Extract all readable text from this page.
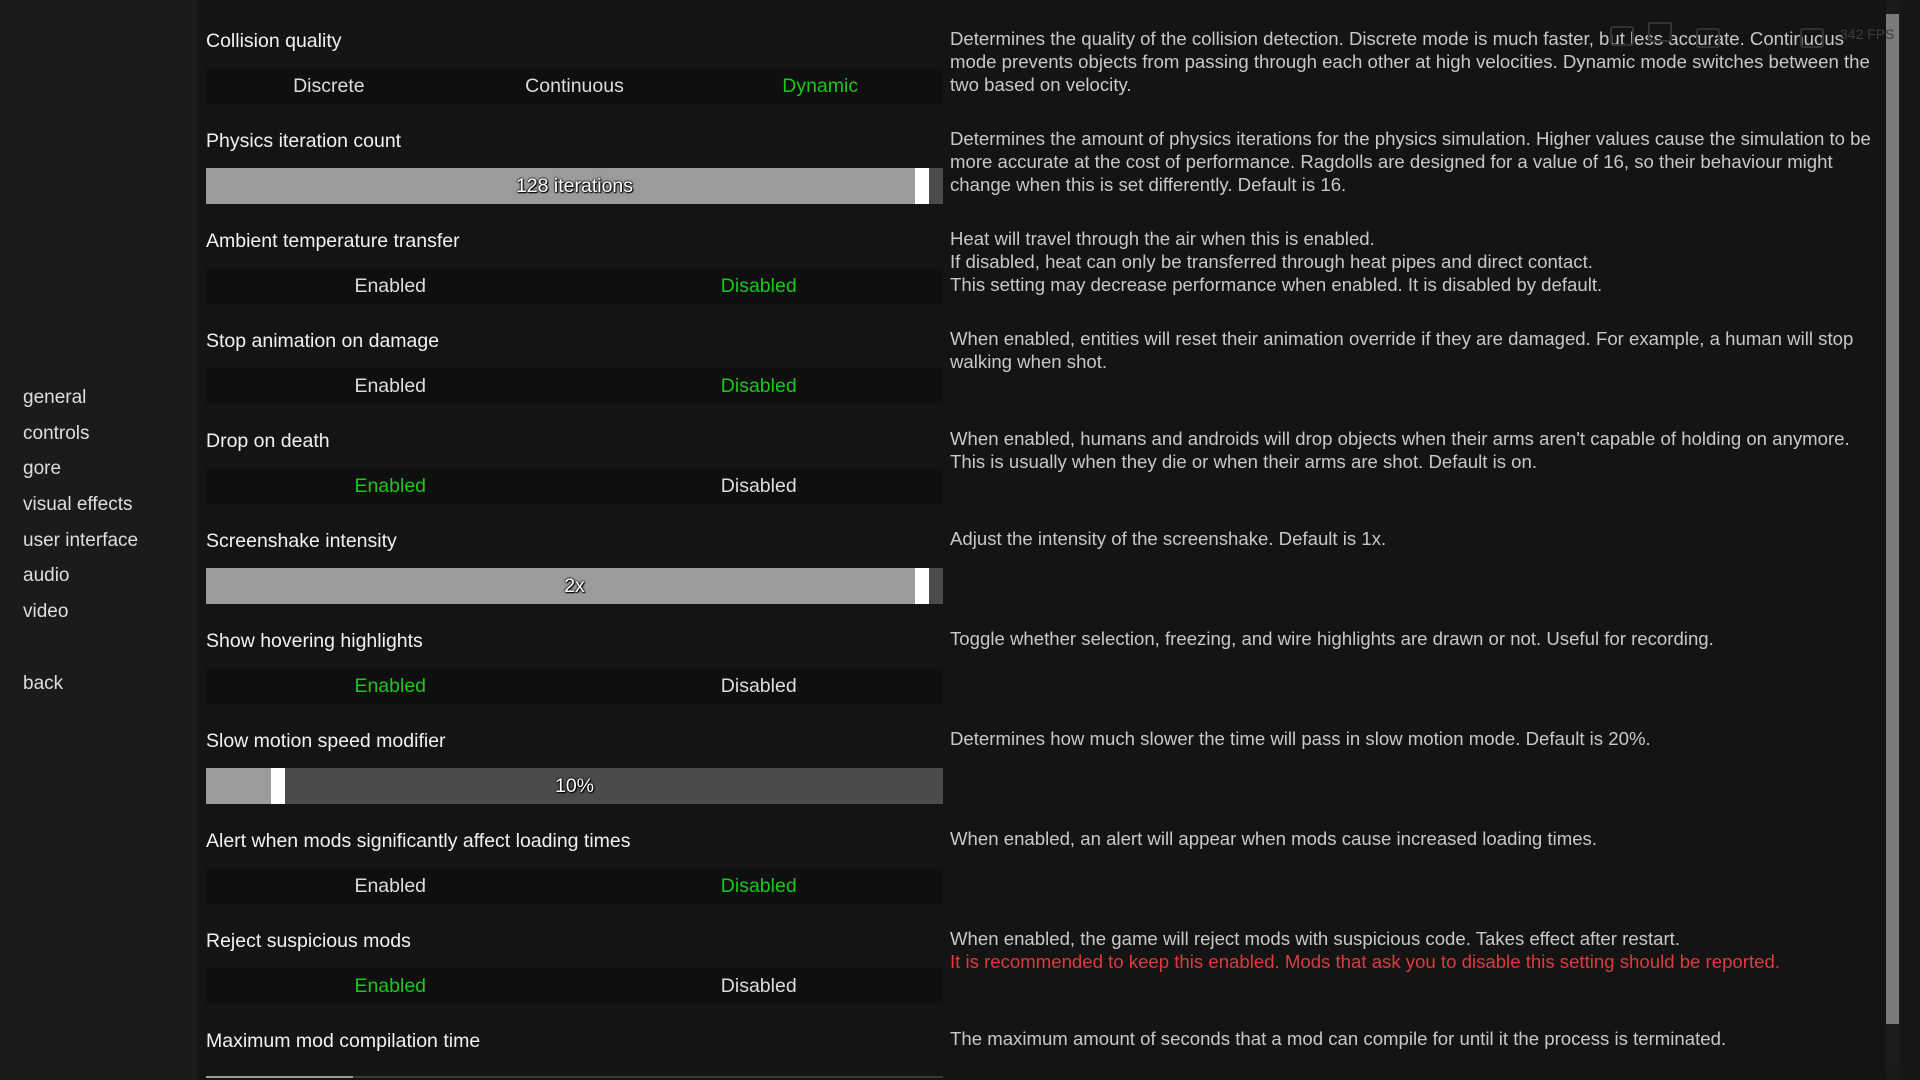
general
controls
gore
visual effects
user interface
audio
video
back
Collision quality
Discrete	Continuous	Dynamic

Determines the quality of the collision detection. Discrete mode is much faster, but less accurate. Continuous mode prevents objects from passing through each other at high velocities. Dynamic mode switches between the two based on velocity.

Physics iteration count
128 iterations

Determines the amount of physics iterations for the physics simulation. Higher values cause the simulation to be more accurate at the cost of performance. Ragdolls are designed for a value of 16, so their behaviour might change when this is set differently. Default is 16.

Ambient temperature transfer
Enabled	Disabled

Heat will travel through the air when this is enabled.

If disabled, heat can only be transferred through heat pipes and direct contact.

This setting may decrease performance when enabled. It is disabled by default.

Stop animation on damage
Enabled	Disabled

When enabled, entities will reset their animation override if they are damaged. For example, a human will stop walking when shot.

Drop on death
Enabled	Disabled

When enabled, humans and androids will drop objects when their arms aren't capable of holding on anymore. This is usually when they die or when their arms are shot. Default is on.

Screenshake intensity
2x

Adjust the intensity of the screenshake. Default is 1x.

Show hovering highlights
Enabled	Disabled

Toggle whether selection, freezing, and wire highlights are drawn or not. Useful for recording.

Slow motion speed modifier
10%

Determines how much slower the time will pass in slow motion mode. Default is 20%.

Alert when mods significantly affect loading times
Enabled	Disabled

When enabled, an alert will appear when mods cause increased loading times.

Reject suspicious mods
Enabled	Disabled

When enabled, the game will reject mods with suspicious code. Takes effect after restart.

It is recommended to keep this enabled. Mods that ask you to disable this setting should be reported.

Maximum mod compilation time	The maximum amount of seconds that a mod can compile for until it the process is terminated.

342 FPS
